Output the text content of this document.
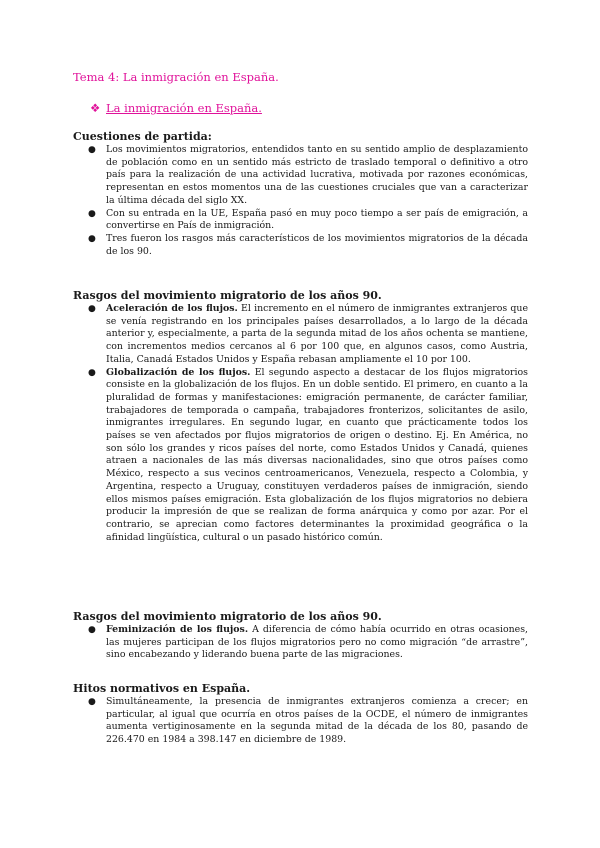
Tema 4: La inmigración en España.
❖ La inmigración en España.
Cuestiones de partida:
● Los movimientos migratorios, entendidos tanto en su sentido amplio de desplazamiento de población como en un sentido más estricto de traslado temporal o definitivo a otro país para la realización de una actividad lucrativa, motivada por razones económicas, representan en estos momentos una de las cuestiones cruciales que van a caracterizar la última década del siglo XX.
● Con su entrada en la UE, España pasó en muy poco tiempo a ser país de emigración, a convertirse en País de inmigración.
● Tres fueron los rasgos más característicos de los movimientos migratorios de la década de los 90.
Rasgos del movimiento migratorio de los años 90.
● Aceleración de los flujos. El incremento en el número de inmigrantes extranjeros que se venía registrando en los principales países desarrollados, a lo largo de la década anterior y, especialmente, a parta de la segunda mitad de los años ochenta se mantiene, con incrementos medios cercanos al 6 por 100 que, en algunos casos, como Austria, Italia, Canadá Estados Unidos y España rebasan ampliamente el 10 por 100.
● Globalización de los flujos. El segundo aspecto a destacar de los flujos migratorios consiste en la globalización de los flujos. En un doble sentido. El primero, en cuanto a la pluralidad de formas y manifestaciones: emigración permanente, de carácter familiar, trabajadores de temporada o campaña, trabajadores fronterizos, solicitantes de asilo, inmigrantes irregulares. En segundo lugar, en cuanto que prácticamente todos los países se ven afectados por flujos migratorios de origen o destino. Ej. En América, no son sólo los grandes y ricos países del norte, como Estados Unidos y Canadá, quienes atraen a nacionales de las más diversas nacionalidades, sino que otros países como México, respecto a sus vecinos centroamericanos, Venezuela, respecto a Colombia, y Argentina, respecto a Uruguay, constituyen verdaderos países de inmigración, siendo ellos mismos países emigración. Esta globalización de los flujos migratorios no debiera producir la impresión de que se realizan de forma anárquica y como por azar. Por el contrario, se aprecian como factores determinantes la proximidad geográfica o la afinidad lingüística, cultural o un pasado histórico común.
Rasgos del movimiento migratorio de los años 90.
● Feminización de los flujos. A diferencia de cómo había ocurrido en otras ocasiones, las mujeres participan de los flujos migratorios pero no como migración “de arrastre”, sino encabezando y liderando buena parte de las migraciones.
Hitos normativos en España.
● Simultáneamente, la presencia de inmigrantes extranjeros comienza a crecer; en particular, al igual que ocurría en otros países de la OCDE, el número de inmigrantes aumenta vertiginosamente en la segunda mitad de la década de los 80, pasando de 226.470 en 1984 a 398.147 en diciembre de 1989.
